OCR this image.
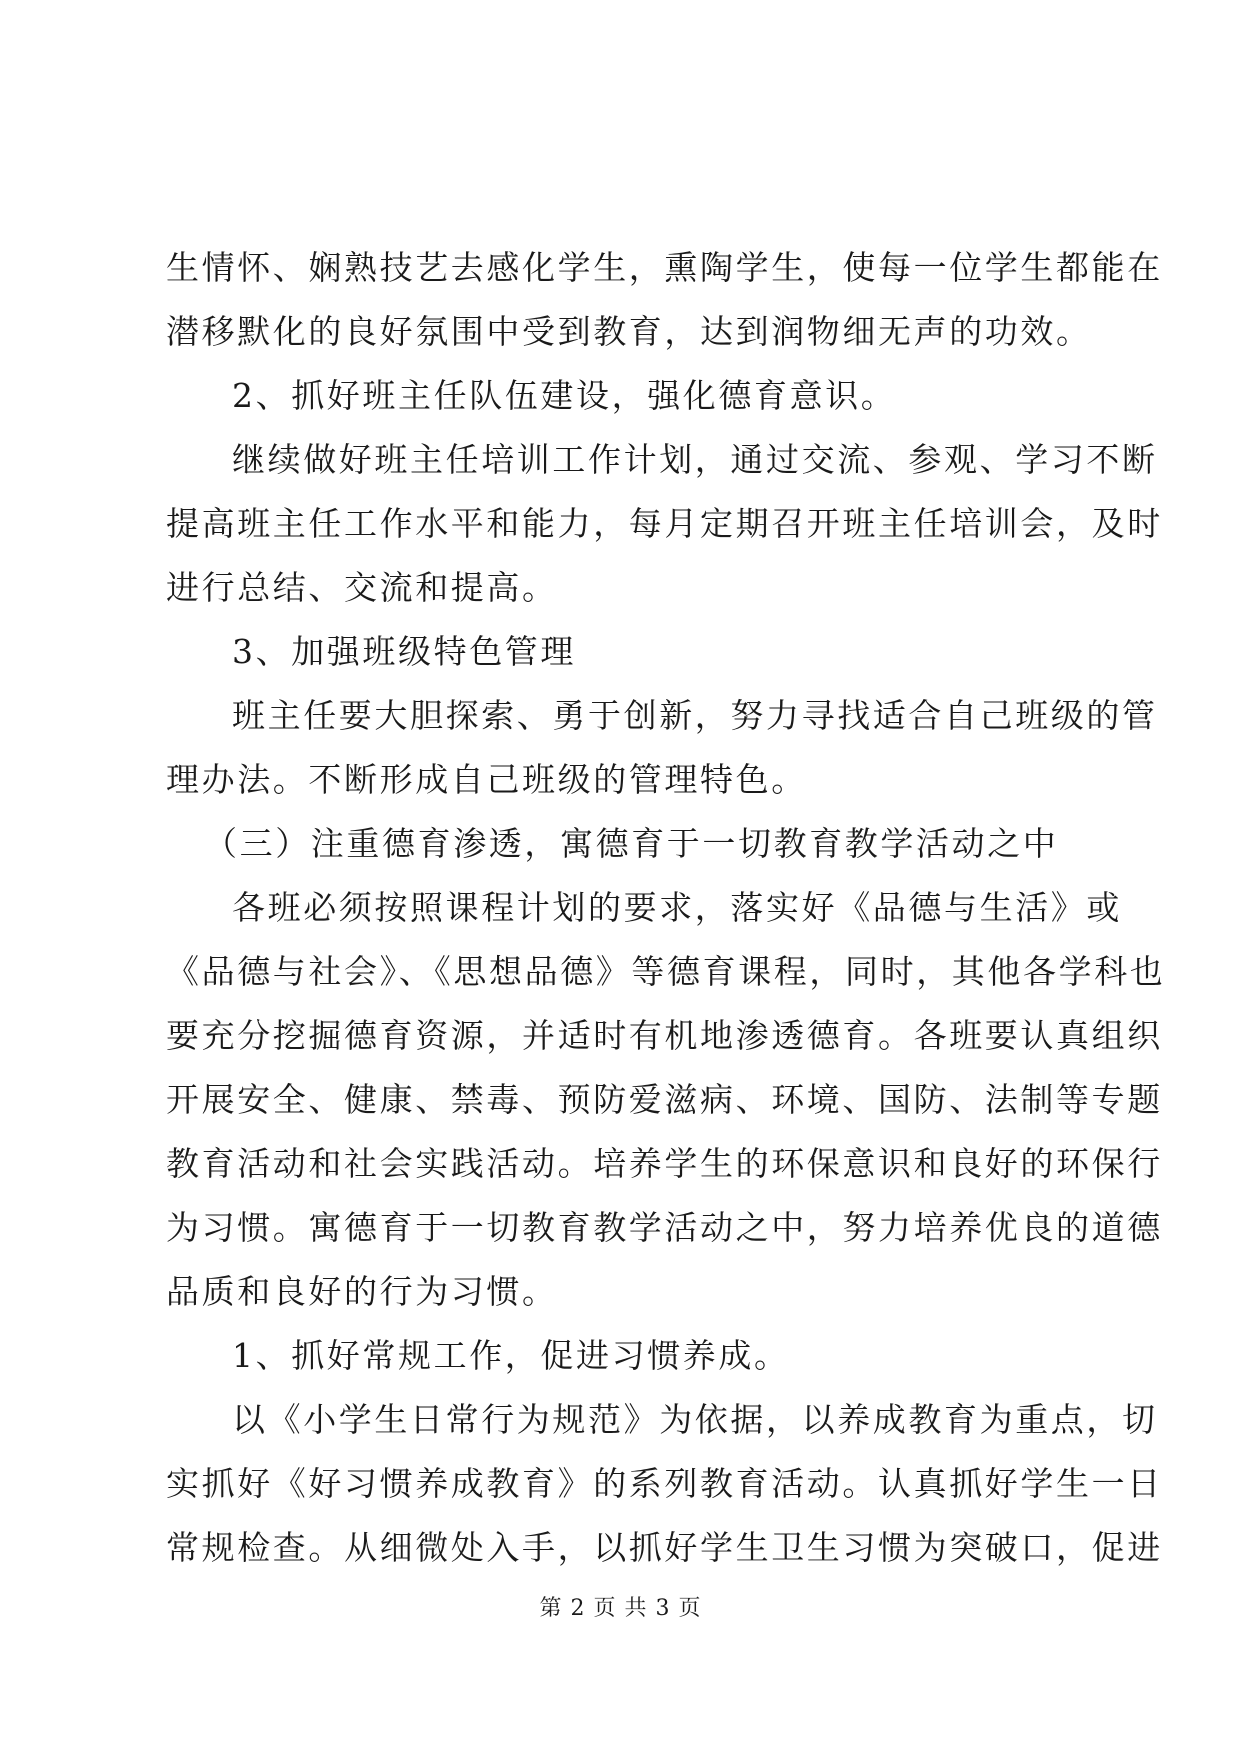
生情怀、娴熟技艺去感化学生，熏陶学生，使每一位学生都能在
潜移默化的良好氛围中受到教育，达到润物细无声的功效。
2、抓好班主任队伍建设，强化德育意识。
继续做好班主任培训工作计划，通过交流、参观、学习不断
提高班主任工作水平和能力，每月定期召开班主任培训会，及时
进行总结、交流和提高。
3、加强班级特色管理
班主任要大胆探索、勇于创新，努力寻找适合自己班级的管
理办法。不断形成自己班级的管理特色。
（三）注重德育渗透，寓德育于一切教育教学活动之中
各班必须按照课程计划的要求，落实好《品德与生活》或
《品德与社会》、《思想品德》等德育课程，同时，其他各学科也
要充分挖掘德育资源，并适时有机地渗透德育。各班要认真组织
开展安全、健康、禁毒、预防爱滋病、环境、国防、法制等专题
教育活动和社会实践活动。培养学生的环保意识和良好的环保行
为习惯。寓德育于一切教育教学活动之中，努力培养优良的道德
品质和良好的行为习惯。
1、抓好常规工作，促进习惯养成。
以《小学生日常行为规范》为依据，以养成教育为重点，切
实抓好《好习惯养成教育》的系列教育活动。认真抓好学生一日
常规检查。从细微处入手，以抓好学生卫生习惯为突破口，促进
第 2 页 共 3 页
